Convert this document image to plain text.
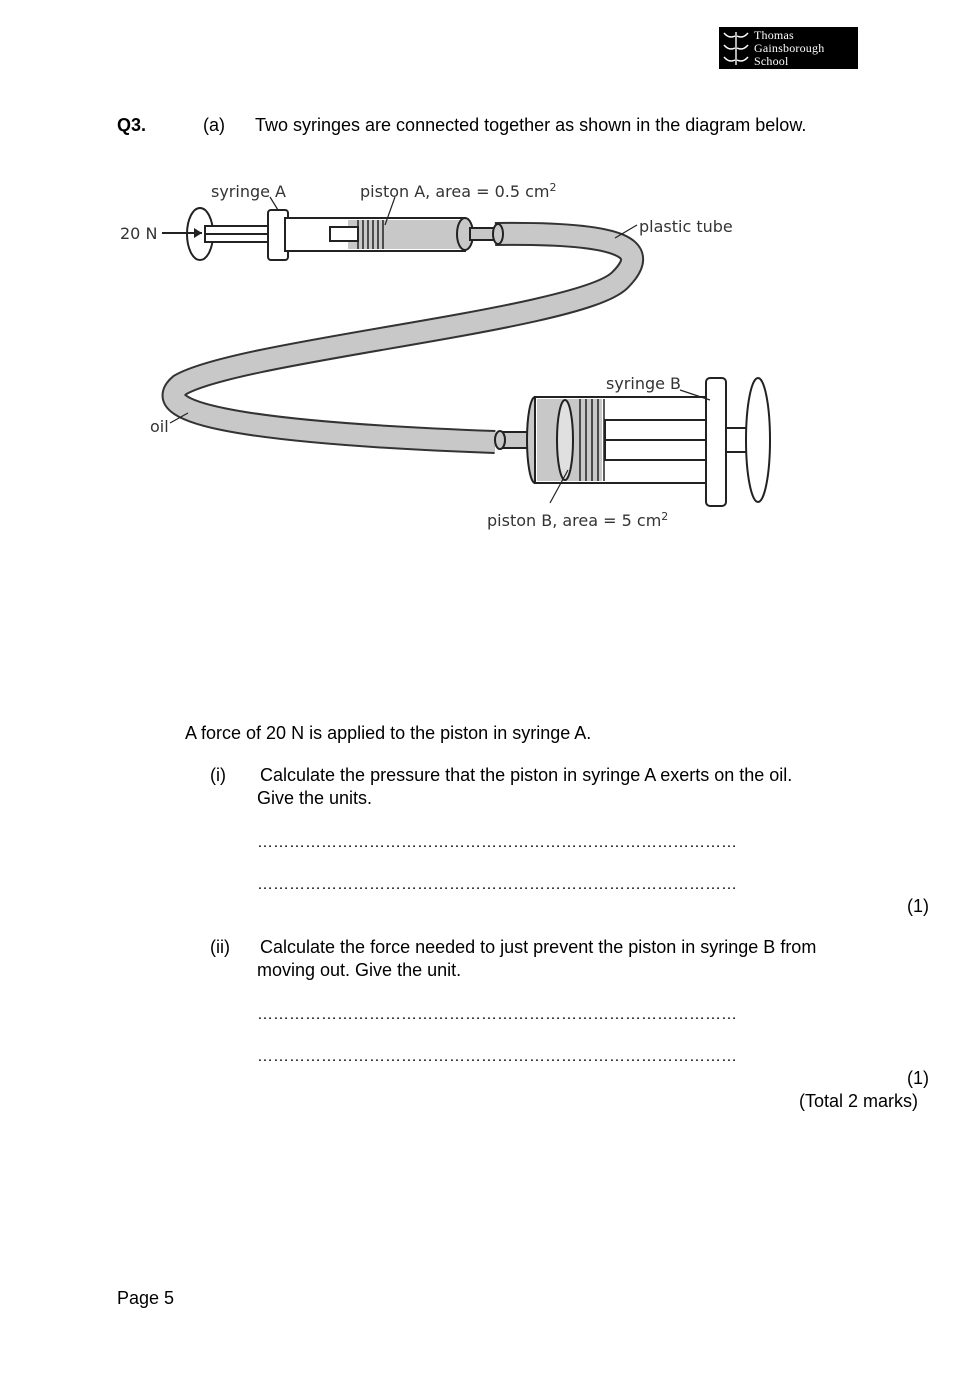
Thomas
Gainsborough
School
Q3.	(a) Two syringes are connected together as shown in the diagram below.
syringe A	piston A, area = 0.5 $cm^2$
20 N	plastic tube
syringe B
oil
piston B, area = 5 $cm^2$
A force of 20 N is applied to the piston in syringe A.
(i) Calculate the pressure that the piston in syringe A exerts on the oil.
Give the units.
………………………………………………………………………………
………………………………………………………………………………
(1)
(ii) Calculate the force needed to just prevent the piston in syringe B from
moving out. Give the unit.
………………………………………………………………………………
………………………………………………………………………………
(1)
(Total 2 marks)
Page 5
